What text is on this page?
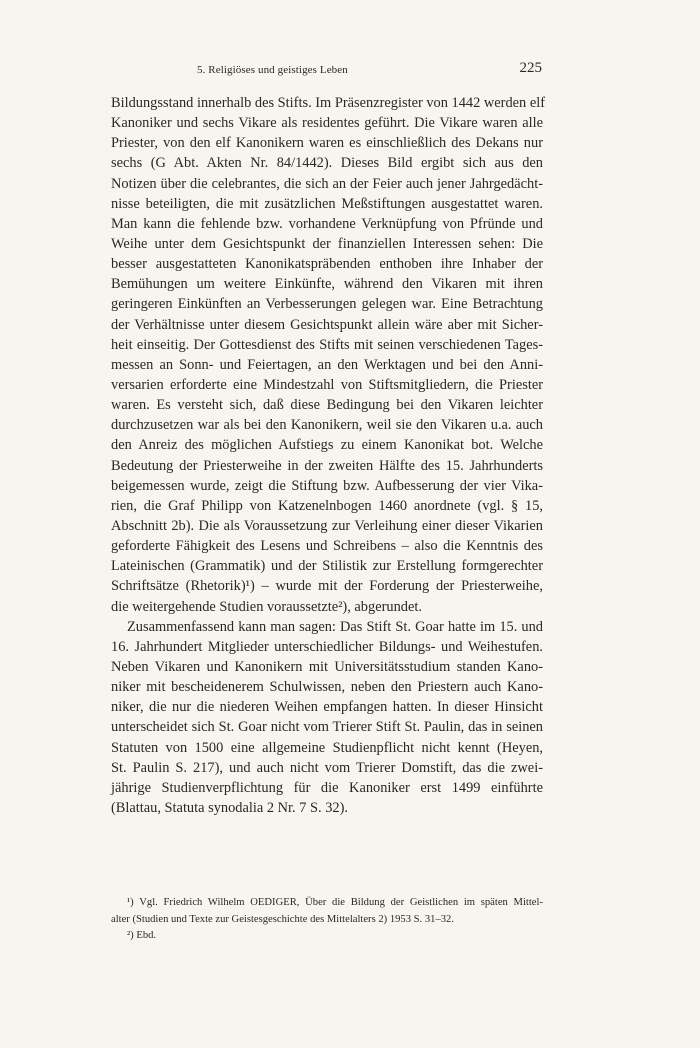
5. Religiöses und geistiges Leben	225
Bildungsstand innerhalb des Stifts. Im Präsenzregister von 1442 werden elf
Kanoniker und sechs Vikare als residentes geführt. Die Vikare waren alle
Priester, von den elf Kanonikern waren es einschließlich des Dekans nur
sechs (G Abt. Akten Nr. 84/1442). Dieses Bild ergibt sich aus den
Notizen über die celebrantes, die sich an der Feier auch jener Jahrgedächt-
nisse beteiligten, die mit zusätzlichen Meßstiftungen ausgestattet waren.
Man kann die fehlende bzw. vorhandene Verknüpfung von Pfründe und
Weihe unter dem Gesichtspunkt der finanziellen Interessen sehen: Die
besser ausgestatteten Kanonikatspräbenden enthoben ihre Inhaber der
Bemühungen um weitere Einkünfte, während den Vikaren mit ihren
geringeren Einkünften an Verbesserungen gelegen war. Eine Betrachtung
der Verhältnisse unter diesem Gesichtspunkt allein wäre aber mit Sicher-
heit einseitig. Der Gottesdienst des Stifts mit seinen verschiedenen Tages-
messen an Sonn- und Feiertagen, an den Werktagen und bei den Anni-
versarien erforderte eine Mindestzahl von Stiftsmitgliedern, die Priester
waren. Es versteht sich, daß diese Bedingung bei den Vikaren leichter
durchzusetzen war als bei den Kanonikern, weil sie den Vikaren u.a. auch
den Anreiz des möglichen Aufstiegs zu einem Kanonikat bot. Welche
Bedeutung der Priesterweihe in der zweiten Hälfte des 15. Jahrhunderts
beigemessen wurde, zeigt die Stiftung bzw. Aufbesserung der vier Vika-
rien, die Graf Philipp von Katzenelnbogen 1460 anordnete (vgl. § 15,
Abschnitt 2b). Die als Voraussetzung zur Verleihung einer dieser Vikarien
geforderte Fähigkeit des Lesens und Schreibens – also die Kenntnis des
Lateinischen (Grammatik) und der Stilistik zur Erstellung formgerechter
Schriftsätze (Rhetorik)¹) – wurde mit der Forderung der Priesterweihe,
die weitergehende Studien voraussetzte²), abgerundet.
Zusammenfassend kann man sagen: Das Stift St. Goar hatte im 15. und
16. Jahrhundert Mitglieder unterschiedlicher Bildungs- und Weihestufen.
Neben Vikaren und Kanonikern mit Universitätsstudium standen Kano-
niker mit bescheidenerem Schulwissen, neben den Priestern auch Kano-
niker, die nur die niederen Weihen empfangen hatten. In dieser Hinsicht
unterscheidet sich St. Goar nicht vom Trierer Stift St. Paulin, das in seinen
Statuten von 1500 eine allgemeine Studienpflicht nicht kennt (Heyen,
St. Paulin S. 217), und auch nicht vom Trierer Domstift, das die zwei-
jährige Studienverpflichtung für die Kanoniker erst 1499 einführte
(Blattau, Statuta synodalia 2 Nr. 7 S. 32).
¹) Vgl. Friedrich Wilhelm OEDIGER, Über die Bildung der Geistlichen im späten Mittel-
alter (Studien und Texte zur Geistesgeschichte des Mittelalters 2) 1953 S. 31–32.
²) Ebd.
